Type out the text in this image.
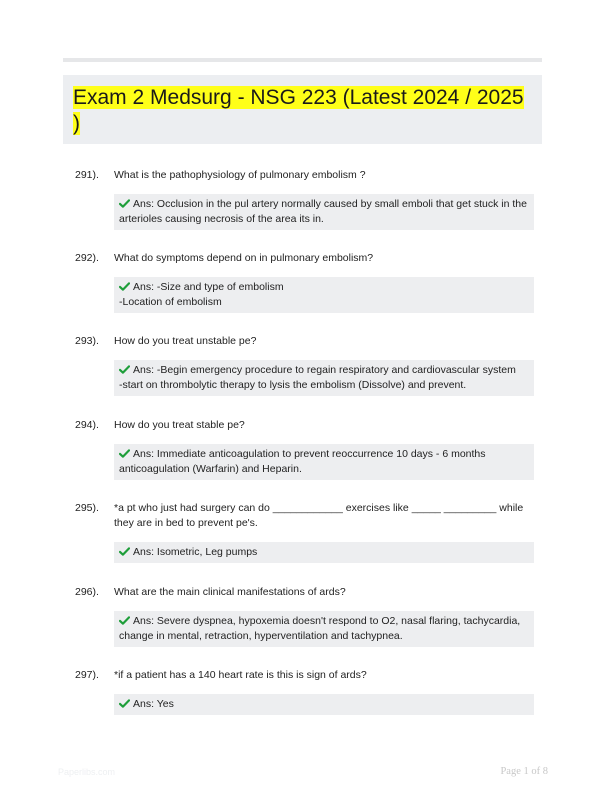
Exam 2 Medsurg - NSG 223 (Latest 2024 / 2025 )
291). What is the pathophysiology of pulmonary embolism ?
Ans: Occlusion in the pul artery normally caused by small emboli that get stuck in the arterioles causing necrosis of the area its in.
292). What do symptoms depend on in pulmonary embolism?
Ans: -Size and type of embolism
-Location of embolism
293). How do you treat unstable pe?
Ans: -Begin emergency procedure to regain respiratory and cardiovascular system
-start on thrombolytic therapy to lysis the embolism (Dissolve) and prevent.
294). How do you treat stable pe?
Ans: Immediate anticoagulation to prevent reoccurrence 10 days - 6 months anticoagulation (Warfarin) and Heparin.
295). *a pt who just had surgery can do ____________ exercises like _____ _________ while they are in bed to prevent pe's.
Ans: Isometric, Leg pumps
296). What are the main clinical manifestations of ards?
Ans: Severe dyspnea, hypoxemia doesn't respond to O2, nasal flaring, tachycardia, change in mental, retraction, hyperventilation and tachypnea.
297). *if a patient has a 140 heart rate is this is sign of ards?
Ans: Yes
Paperlibs.com	Page 1 of 8
